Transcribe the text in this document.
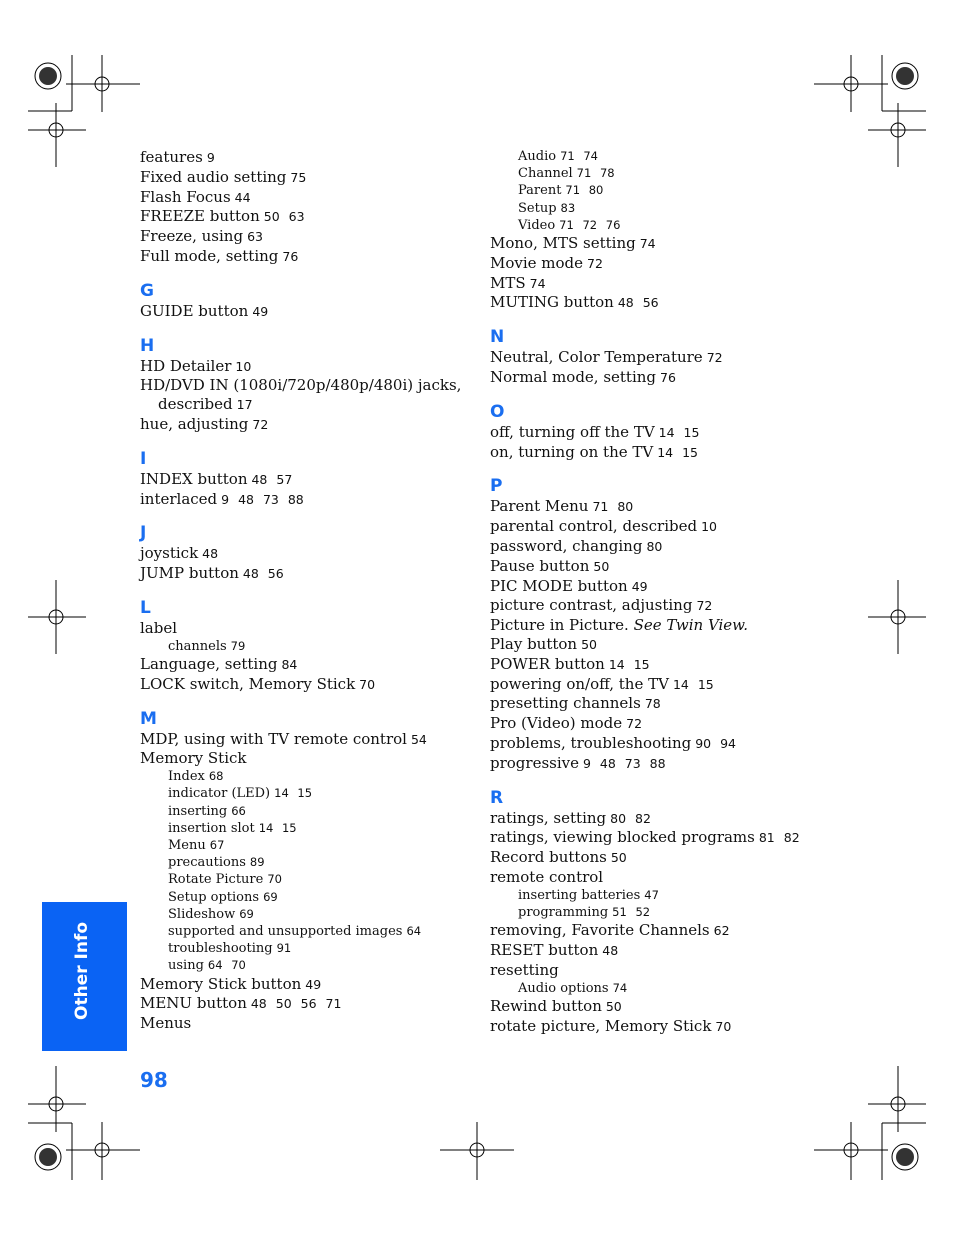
features 9
Fixed audio setting 75
Flash Focus 44
FREEZE button 50 63
Freeze, using 63
Full mode, setting 76
G
GUIDE button 49
H
HD Detailer 10
HD/DVD IN (1080i/720p/480p/480i) jacks,
described 17
hue, adjusting 72
I
INDEX button 48 57
interlaced 9 48 73 88
J
joystick 48
JUMP button 48 56
L
label
channels 79
Language, setting 84
LOCK switch, Memory Stick 70
M
MDP, using with TV remote control 54
Memory Stick
Index 68
indicator (LED) 14 15
inserting 66
insertion slot 14 15
Menu 67
precautions 89
Rotate Picture 70
Setup options 69
Slideshow 69
supported and unsupported images 64
troubleshooting 91
using 64 70
Memory Stick button 49
MENU button 48 50 56 71
Menus
Audio 71 74
Channel 71 78
Parent 71 80
Setup 83
Video 71 72 76
Mono, MTS setting 74
Movie mode 72
MTS 74
MUTING button 48 56
N
Neutral, Color Temperature 72
Normal mode, setting 76
O
off, turning off the TV 14 15
on, turning on the TV 14 15
P
Parent Menu 71 80
parental control, described 10
password, changing 80
Pause button 50
PIC MODE button 49
picture contrast, adjusting 72
Picture in Picture. See Twin View.
Play button 50
POWER button 14 15
powering on/off, the TV 14 15
presetting channels 78
Pro (Video) mode 72
problems, troubleshooting 90 94
progressive 9 48 73 88
R
ratings, setting 80 82
ratings, viewing blocked programs 81 82
Record buttons 50
remote control
inserting batteries 47
programming 51 52
removing, Favorite Channels 62
RESET button 48
resetting
Audio options 74
Rewind button 50
rotate picture, Memory Stick 70
Other Info
98
